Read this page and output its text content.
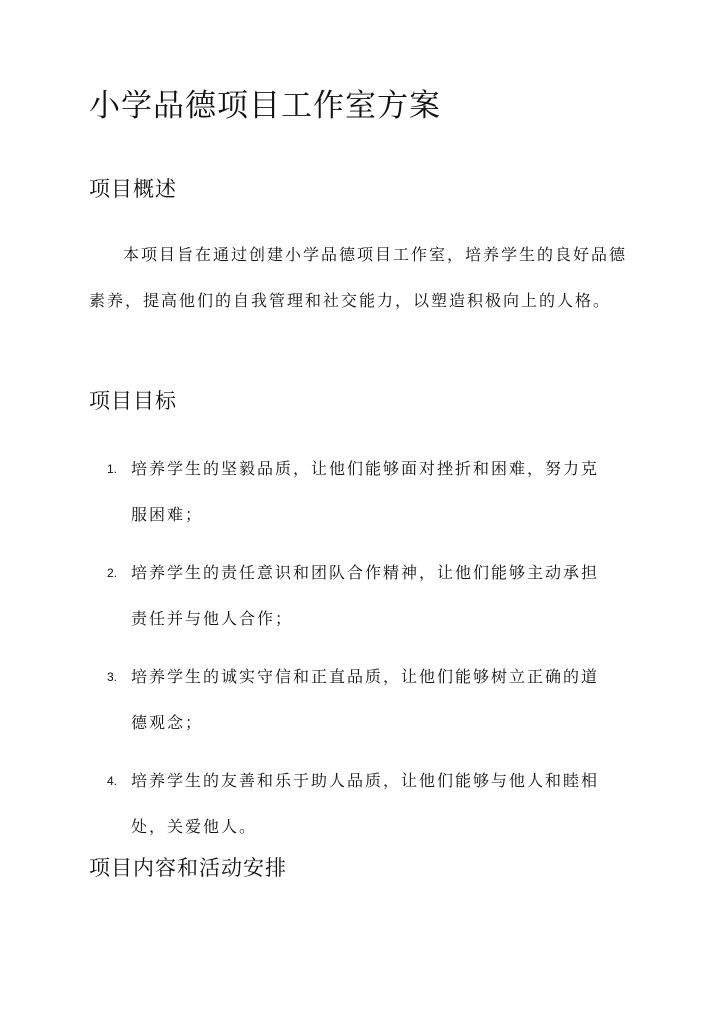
小学品德项目工作室方案
项目概述

本项目旨在通过创建小学品德项目工作室，培养学生的良好品德素养，提高他们的自我管理和社交能力，以塑造积极向上的人格。

项目目标
1. 培养学生的坚毅品质，让他们能够面对挫折和困难，努力克服困难；
2. 培养学生的责任意识和团队合作精神，让他们能够主动承担责任并与他人合作；
3. 培养学生的诚实守信和正直品质，让他们能够树立正确的道德观念；
4. 培养学生的友善和乐于助人品质，让他们能够与他人和睦相处，关爱他人。
项目内容和活动安排
